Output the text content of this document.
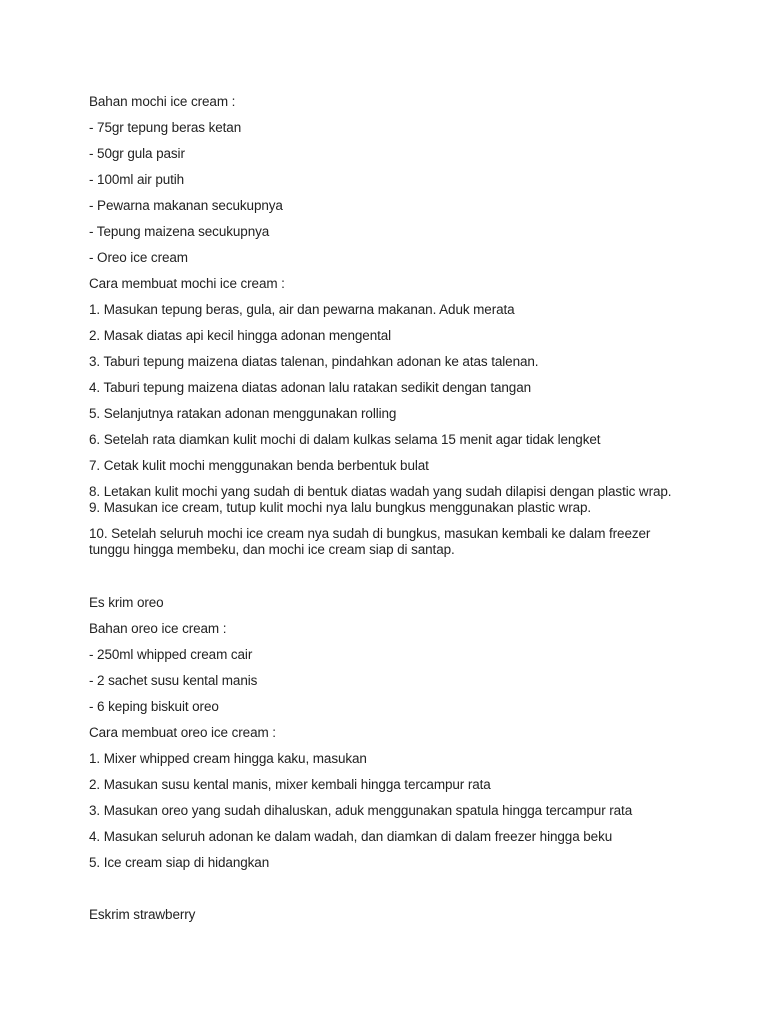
Bahan mochi ice cream :
- 75gr tepung beras ketan
- 50gr gula pasir
- 100ml air putih
- Pewarna makanan secukupnya
- Tepung maizena secukupnya
- Oreo ice cream
Cara membuat mochi ice cream :
1. Masukan tepung beras, gula, air dan pewarna makanan. Aduk merata
2. Masak diatas api kecil hingga adonan mengental
3. Taburi tepung maizena diatas talenan, pindahkan adonan ke atas talenan.
4. Taburi tepung maizena diatas adonan lalu ratakan sedikit dengan tangan
5. Selanjutnya ratakan adonan menggunakan rolling
6. Setelah rata diamkan kulit mochi di dalam kulkas selama 15 menit agar tidak lengket
7. Cetak kulit mochi menggunakan benda berbentuk bulat
8. Letakan kulit mochi yang sudah di bentuk diatas wadah yang sudah dilapisi dengan plastic wrap.
9. Masukan ice cream, tutup kulit mochi nya lalu bungkus menggunakan plastic wrap.
10. Setelah seluruh mochi ice cream nya sudah di bungkus, masukan kembali ke dalam freezer tunggu hingga membeku, dan mochi ice cream siap di santap.
Es krim oreo
Bahan oreo ice cream :
- 250ml whipped cream cair
- 2 sachet susu kental manis
- 6 keping biskuit oreo
Cara membuat oreo ice cream :
1. Mixer whipped cream hingga kaku, masukan
2. Masukan susu kental manis, mixer kembali hingga tercampur rata
3. Masukan oreo yang sudah dihaluskan, aduk menggunakan spatula hingga tercampur rata
4. Masukan seluruh adonan ke dalam wadah, dan diamkan di dalam freezer hingga beku
5. Ice cream siap di hidangkan
Eskrim strawberry
